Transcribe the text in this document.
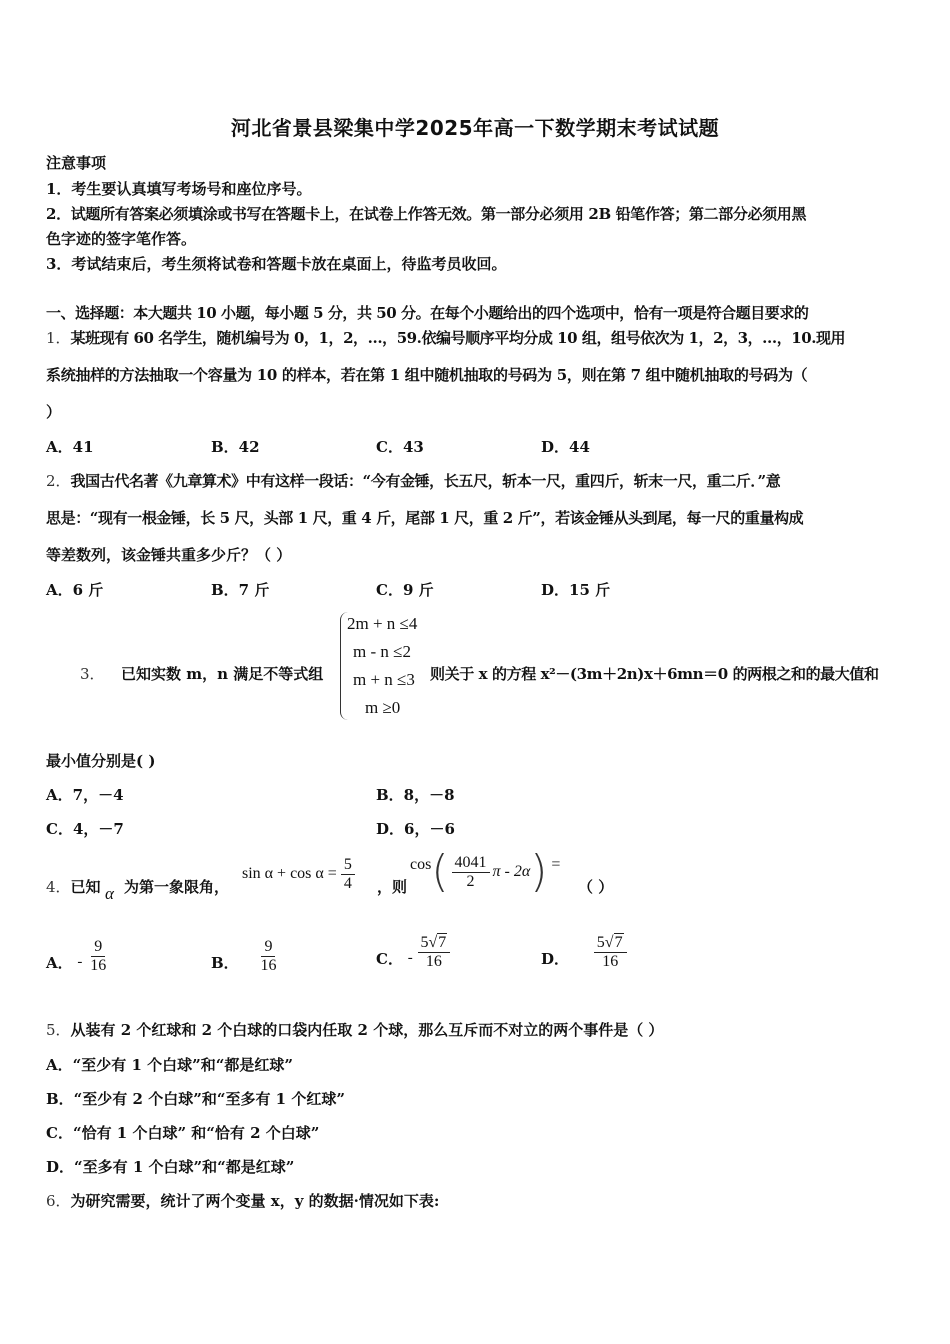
河北省景县梁集中学2025年高一下数学期末考试试题
注意事项
1．考生要认真填写考场号和座位序号。
2．试题所有答案必须填涂或书写在答题卡上，在试卷上作答无效。第一部分必须用 2B 铅笔作答；第二部分必须用黑
色字迹的签字笔作答。
3．考试结束后，考生须将试卷和答题卡放在桌面上，待监考员收回。
一、选择题：本大题共 10 小题，每小题 5 分，共 50 分。在每个小题给出的四个选项中，恰有一项是符合题目要求的
1．某班现有 60 名学生，随机编号为 0，1，2，…，59.依编号顺序平均分成 10 组，组号依次为 1，2，3，…，10.现用
系统抽样的方法抽取一个容量为 10 的样本，若在第 1 组中随机抽取的号码为 5，则在第 7 组中随机抽取的号码为（
）
A．41	B．42	C．43	D．44
2．我国古代名著《九章算术》中有这样一段话：“今有金锤，长五尺，斩本一尺，重四斤，斩末一尺，重二斤．”意
思是：“现有一根金锤，长 5 尺，头部 1 尺，重 4 斤，尾部 1 尺，重 2 斤”，若该金锤从头到尾，每一尺的重量构成
等差数列，该金锤共重多少斤？（ ）
A．6 斤	B．7 斤	C．9 斤	D．15 斤
3． 已知实数 m，n 满足不等式组
2m + n ≤4
m - n ≤2
m + n ≤3
m ≥0
则关于 x 的方程 x²－(3m＋2n)x＋6mn＝0 的两根之和的最大值和
最小值分别是( )
A．7，－4	B．8，－8
C．4，－7	D．6，－6
4．已知 α 为第一象限角，
$\sin \alpha + \cos \alpha = \frac{5}{4}$ ，则
$\cos( \frac{4041}{2}$ π - 2α) =
（ ）
A． - $\frac{9}{16}$	B． $\frac{9}{16}$	C． - $\frac{5√7}{16}$	D． $\frac{5√7}{16}$
5．从装有 2 个红球和 2 个白球的口袋内任取 2 个球，那么互斥而不对立的两个事件是（ ）
A．“至少有 1 个白球”和“都是红球”
B．“至少有 2 个白球”和“至多有 1 个红球”
C．“恰有 1 个白球” 和“恰有 2 个白球”
D．“至多有 1 个白球”和“都是红球”
6．为研究需要，统计了两个变量 x，y 的数据·情况如下表:
